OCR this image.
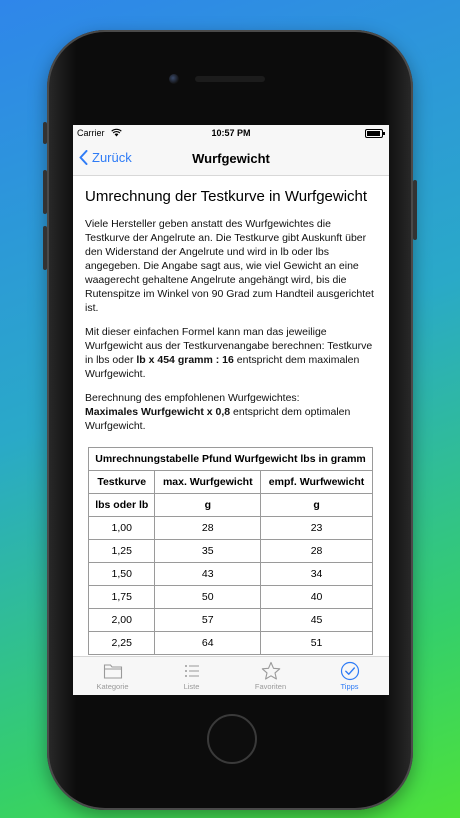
Carrier	10:57 PM
Zurück	Wurfgewicht
Umrechnung der Testkurve in Wurfgewicht

Viele Hersteller geben anstatt des Wurfgewichtes die Testkurve der Angelrute an. Die Testkurve gibt Auskunft über den Widerstand der Angelrute und wird in lb oder lbs angegeben. Die Angabe sagt aus, wie viel Gewicht an eine waagerecht gehaltene Angelrute angehängt wird, bis die Rutenspitze im Winkel von 90 Grad zum Handteil ausgerichtet ist.

Mit dieser einfachen Formel kann man das jeweilige Wurfgewicht aus der Testkurvenangabe berechnen: Testkurve in lbs oder lb x 454 gramm : 16 entspricht dem maximalen Wurfgewicht.

Berechnung des empfohlenen Wurfgewichtes:
Maximales Wurfgewicht x 0,8 entspricht dem optimalen Wurfgewicht.

Umrechnungstabelle Pfund Wurfgewicht lbs in gramm		
Testkurve	max. Wurfgewicht	empf. Wurfwewicht
lbs oder lb	g	g
1,00	28	23
1,25	35	28
1,50	43	34
1,75	50	40
2,00	57	45
2,25	64	51
Kategorie	Liste	Favoriten	Tipps
